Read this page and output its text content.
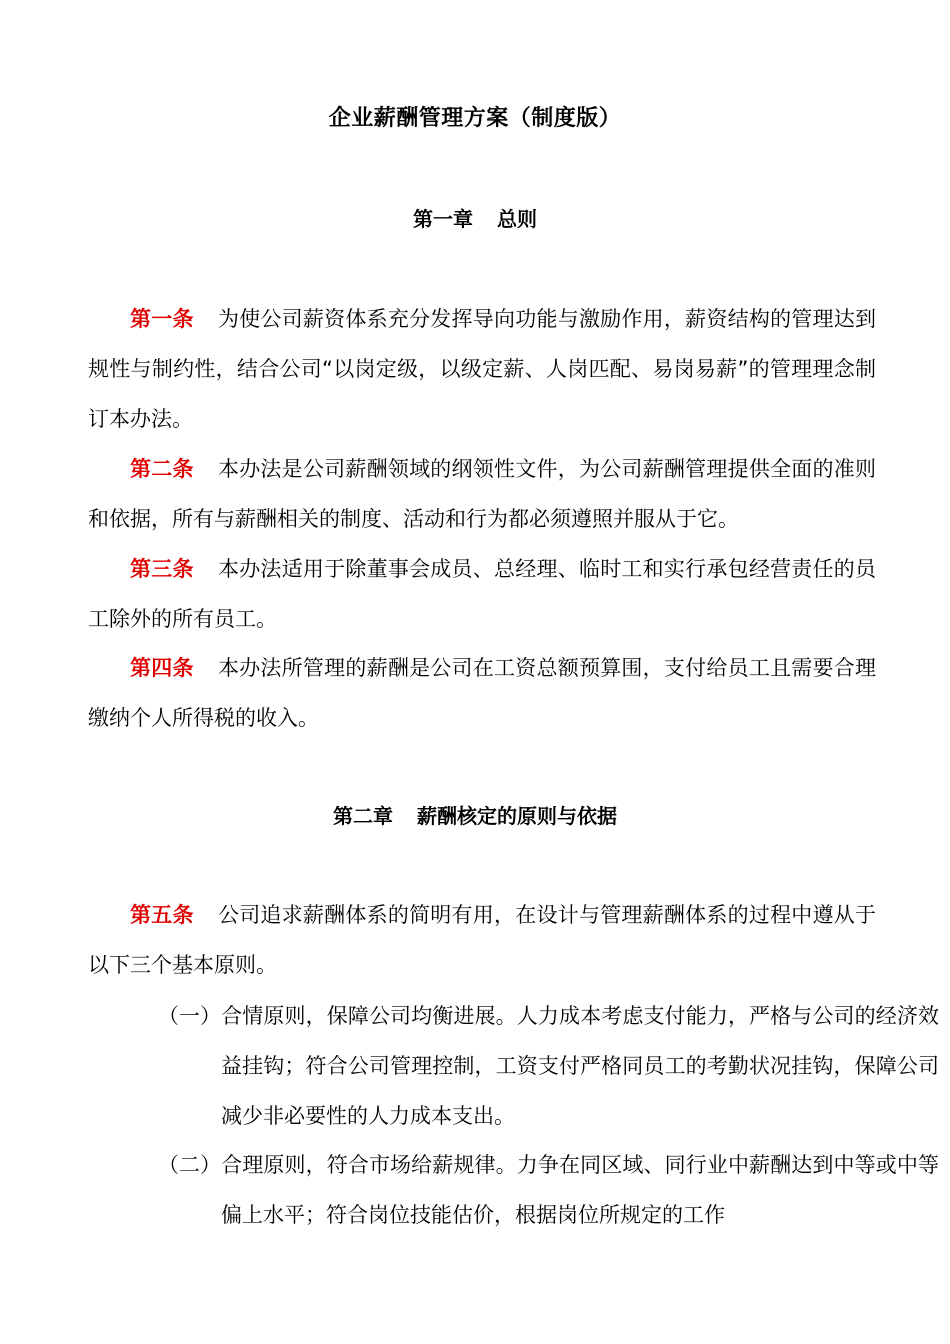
企业薪酬管理方案（制度版）
第一章 总则

第一条 为使公司薪资体系充分发挥导向功能与激励作用，薪资结构的管理达到规性与制约性，结合公司“以岗定级，以级定薪、人岗匹配、易岗易薪”的管理理念制订本办法。

第二条 本办法是公司薪酬领域的纲领性文件，为公司薪酬管理提供全面的准则和依据，所有与薪酬相关的制度、活动和行为都必须遵照并服从于它。

第三条 本办法适用于除董事会成员、总经理、临时工和实行承包经营责任的员工除外的所有员工。

第四条 本办法所管理的薪酬是公司在工资总额预算围，支付给员工且需要合理缴纳个人所得税的收入。

第二章 薪酬核定的原则与依据

第五条 公司追求薪酬体系的简明有用，在设计与管理薪酬体系的过程中遵从于以下三个基本原则。

（一）合情原则，保障公司均衡进展。人力成本考虑支付能力，严格与公司的经济效益挂钩；符合公司管理控制，工资支付严格同员工的考勤状况挂钩，保障公司减少非必要性的人力成本支出。

（二）合理原则，符合市场给薪规律。力争在同区域、同行业中薪酬达到中等或中等偏上水平；符合岗位技能估价，根据岗位所规定的工作
